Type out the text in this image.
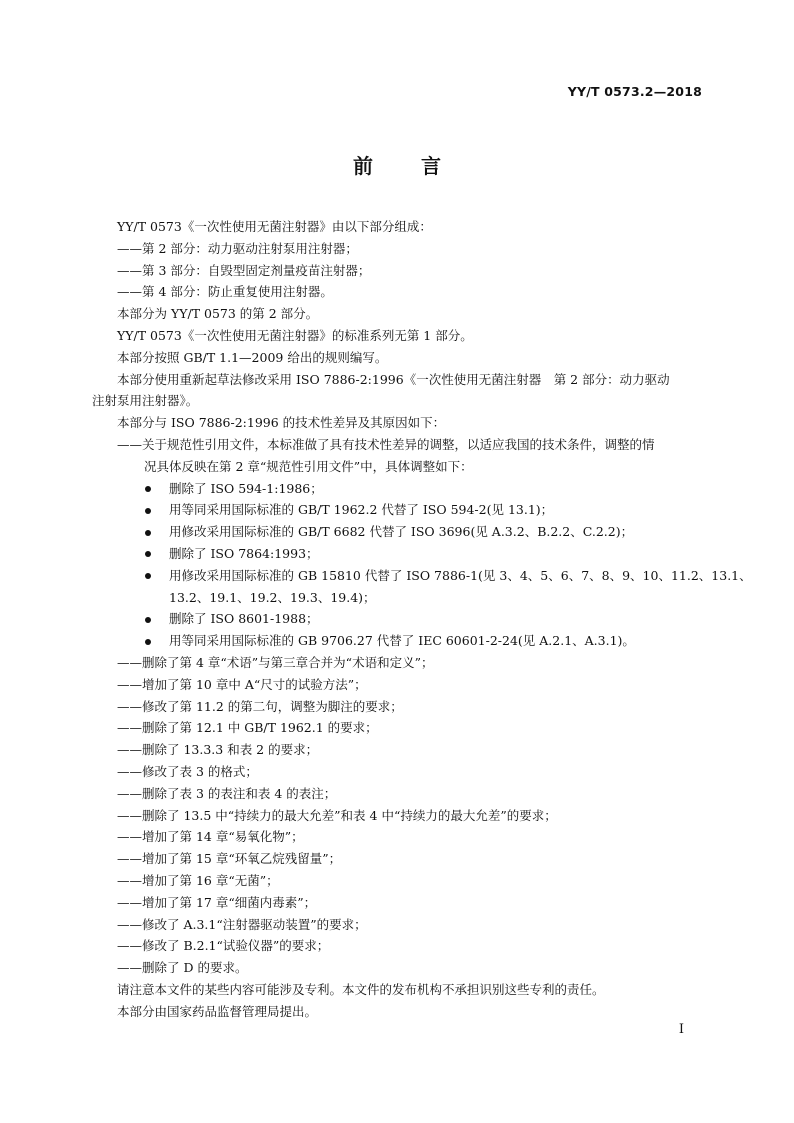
YY/T 0573.2—2018
前 言
YY/T 0573《一次性使用无菌注射器》由以下部分组成：
——第 2 部分：动力驱动注射泵用注射器；
——第 3 部分：自毁型固定剂量疫苗注射器；
——第 4 部分：防止重复使用注射器。
本部分为 YY/T 0573 的第 2 部分。
YY/T 0573《一次性使用无菌注射器》的标准系列无第 1 部分。
本部分按照 GB/T 1.1—2009 给出的规则编写。
本部分使用重新起草法修改采用 ISO 7886-2:1996《一次性使用无菌注射器　第 2 部分：动力驱动
注射泵用注射器》。
本部分与 ISO 7886-2:1996 的技术性差异及其原因如下：
——关于规范性引用文件，本标准做了具有技术性差异的调整，以适应我国的技术条件，调整的情
况具体反映在第 2 章“规范性引用文件”中，具体调整如下：
删除了 ISO 594-1:1986；
用等同采用国际标准的 GB/T 1962.2 代替了 ISO 594-2(见 13.1)；
用修改采用国际标准的 GB/T 6682 代替了 ISO 3696(见 A.3.2、B.2.2、C.2.2)；
删除了 ISO 7864:1993；
用修改采用国际标准的 GB 15810 代替了 ISO 7886-1(见 3、4、5、6、7、8、9、10、11.2、13.1、
13.2、19.1、19.2、19.3、19.4)；
删除了 ISO 8601-1988；
用等同采用国际标准的 GB 9706.27 代替了 IEC 60601-2-24(见 A.2.1、A.3.1)。
——删除了第 4 章“术语”与第三章合并为“术语和定义”；
——增加了第 10 章中 A“尺寸的试验方法”；
——修改了第 11.2 的第二句，调整为脚注的要求；
——删除了第 12.1 中 GB/T 1962.1 的要求；
——删除了 13.3.3 和表 2 的要求；
——修改了表 3 的格式；
——删除了表 3 的表注和表 4 的表注；
——删除了 13.5 中“持续力的最大允差”和表 4 中“持续力的最大允差”的要求；
——增加了第 14 章“易氧化物”；
——增加了第 15 章“环氧乙烷残留量”；
——增加了第 16 章“无菌”；
——增加了第 17 章“细菌内毒素”；
——修改了 A.3.1“注射器驱动装置”的要求；
——修改了 B.2.1“试验仪器”的要求；
——删除了 D 的要求。
请注意本文件的某些内容可能涉及专利。本文件的发布机构不承担识别这些专利的责任。
本部分由国家药品监督管理局提出。
I
